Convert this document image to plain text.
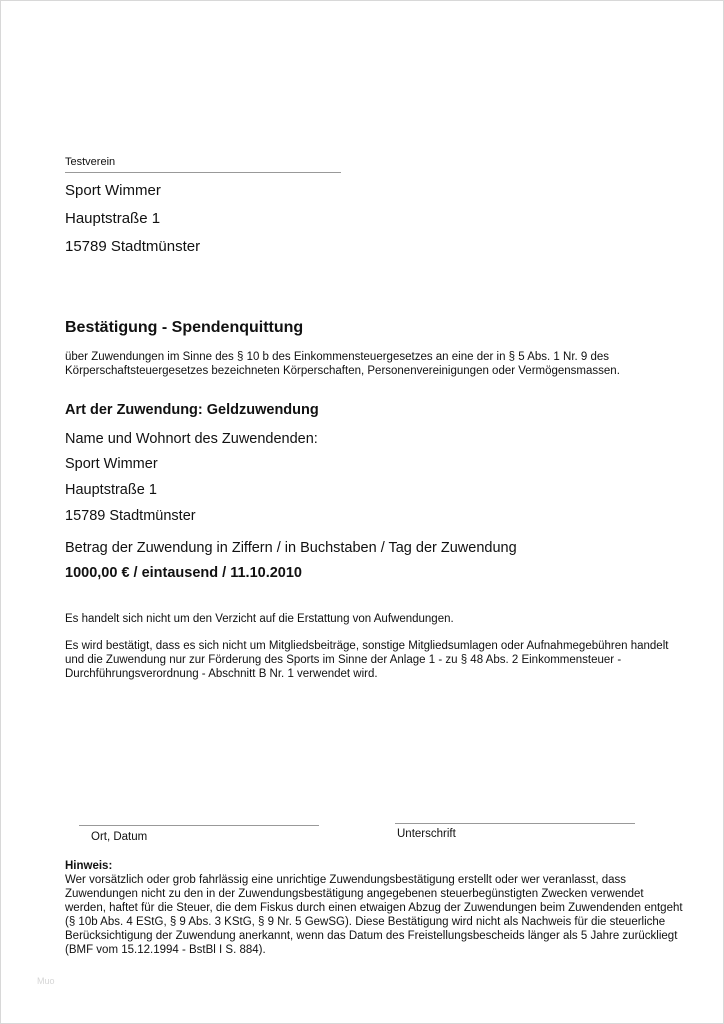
Testverein
Sport Wimmer
Hauptstraße 1
15789 Stadtmünster
Bestätigung - Spendenquittung
über Zuwendungen im Sinne des § 10 b des Einkommensteuergesetzes an eine der in § 5 Abs. 1 Nr. 9 des Körperschaftsteuergesetzes bezeichneten Körperschaften, Personenvereinigungen oder Vermögensmassen.
Art der Zuwendung: Geldzuwendung
Name und Wohnort des Zuwendenden:
Sport Wimmer
Hauptstraße 1
15789 Stadtmünster
Betrag der Zuwendung in Ziffern / in Buchstaben / Tag der Zuwendung
1000,00 € / eintausend / 11.10.2010
Es handelt sich nicht um den Verzicht auf die Erstattung von Aufwendungen.
Es wird bestätigt, dass es sich nicht um Mitgliedsbeiträge, sonstige Mitgliedsumlagen oder Aufnahmegebühren handelt und die Zuwendung nur zur Förderung des Sports im Sinne der Anlage 1 - zu § 48 Abs. 2 Einkommensteuer - Durchführungsverordnung - Abschnitt B Nr. 1 verwendet wird.
Ort, Datum	Unterschrift
Hinweis:
Wer vorsätzlich oder grob fahrlässig eine unrichtige Zuwendungsbestätigung erstellt oder wer veranlasst, dass Zuwendungen nicht zu den in der Zuwendungsbestätigung angegebenen steuerbegünstigten Zwecken verwendet werden, haftet für die Steuer, die dem Fiskus durch einen etwaigen Abzug der Zuwendungen beim Zuwendenden entgeht (§ 10b Abs. 4 EStG, § 9 Abs. 3 KStG, § 9 Nr. 5 GewSG). Diese Bestätigung wird nicht als Nachweis für die steuerliche Berücksichtigung der Zuwendung anerkannt, wenn das Datum des Freistellungsbescheids länger als 5 Jahre zurückliegt (BMF vom 15.12.1994 - BstBl I S. 884).
Muo
